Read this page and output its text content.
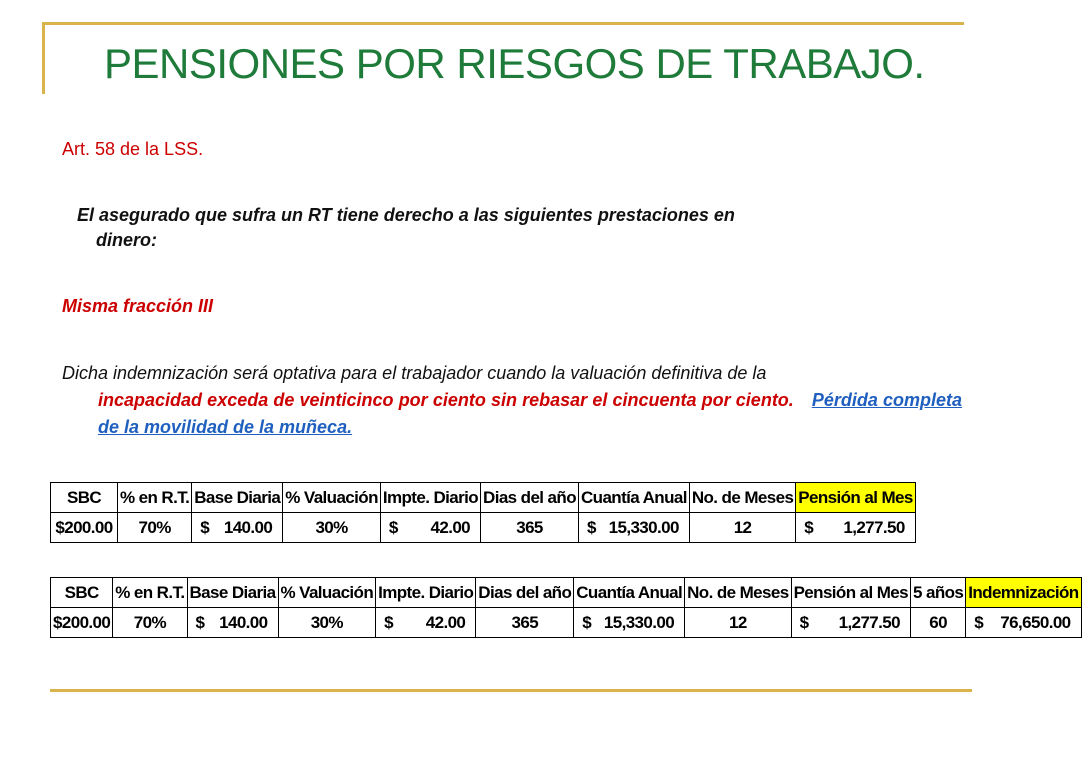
PENSIONES POR RIESGOS DE TRABAJO.
Art. 58 de la LSS.
El asegurado que sufra un RT tiene derecho a las siguientes prestaciones en
dinero:
Misma fracción III
Dicha indemnización será optativa para el trabajador cuando la valuación definitiva de la
incapacidad exceda de veinticinco por ciento sin rebasar el cincuenta por ciento. Pérdida completa de la movilidad de la muñeca.
SBC	% en R.T.	Base Diaria	% Valuación	Impte. Diario	Dias del año	Cuantía Anual	No. de Meses	Pensión al Mes
$200.00	70%	$ 140.00	30%	$ 42.00	365	$ 15,330.00	12	$ 1,277.50
SBC	% en R.T.	Base Diaria	% Valuación	Impte. Diario	Dias del año	Cuantía Anual	No. de Meses	Pensión al Mes	5 años	Indemnización
$200.00	70%	$ 140.00	30%	$ 42.00	365	$ 15,330.00	12	$ 1,277.50	60	$ 76,650.00
